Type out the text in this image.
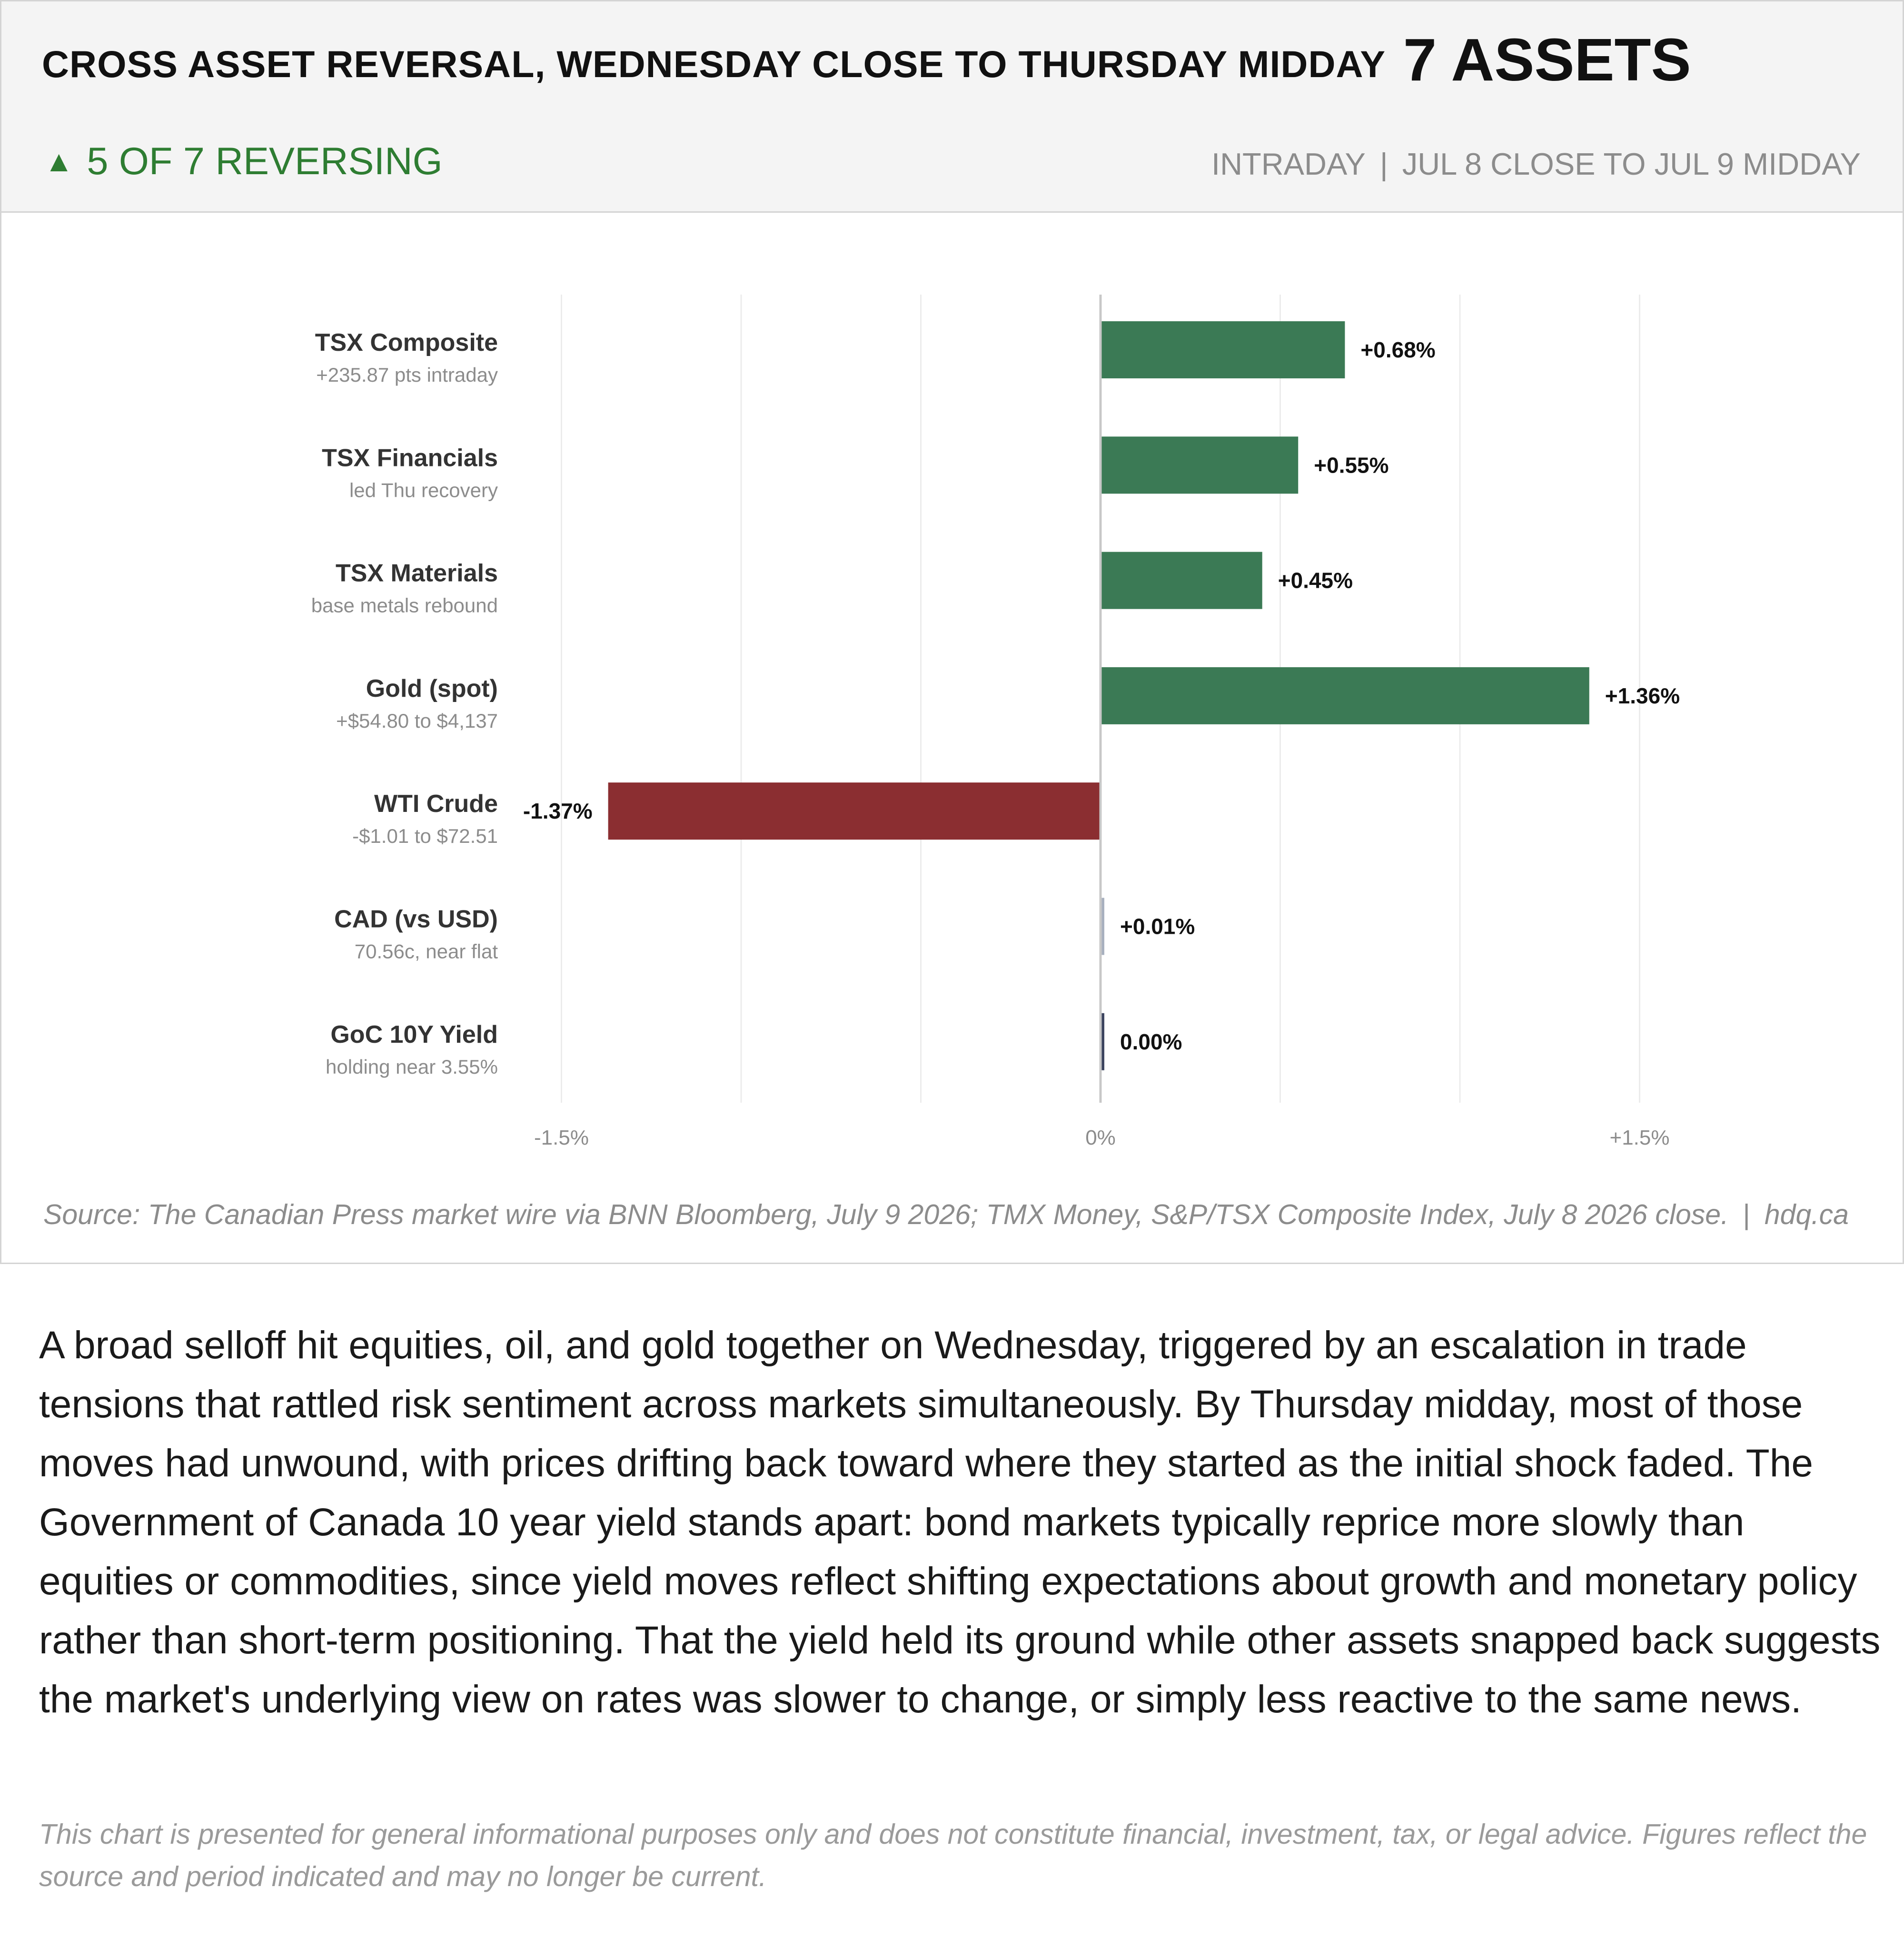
CROSS ASSET REVERSAL, WEDNESDAY CLOSE TO THURSDAY MIDDAY 7 ASSETS
▲ 5 OF 7 REVERSING	INTRADAY | JUL 8 CLOSE TO JUL 9 MIDDAY
-1.5%	0%	+1.5%
+0.68%
TSX Composite
+235.87 pts intraday
+0.55%
TSX Financials
led Thu recovery
+0.45%
TSX Materials
base metals rebound
+1.36%
Gold (spot)
+$54.80 to $4,137
-1.37%
WTI Crude
-$1.01 to $72.51
+0.01%
CAD (vs USD)
70.56c, near flat
0.00%
GoC 10Y Yield
holding near 3.55%
Source: The Canadian Press market wire via BNN Bloomberg, July 9 2026; TMX Money, S&P/TSX Composite Index, July 8 2026 close. | hdq.ca

A broad selloff hit equities, oil, and gold together on Wednesday, triggered by an escalation in trade tensions that rattled risk sentiment across markets simultaneously. By Thursday midday, most of those moves had unwound, with prices drifting back toward where they started as the initial shock faded. The Government of Canada 10 year yield stands apart: bond markets typically reprice more slowly than equities or commodities, since yield moves reflect shifting expectations about growth and monetary policy rather than short-term positioning. That the yield held its ground while other assets snapped back suggests the market's underlying view on rates was slower to change, or simply less reactive to the same news.

This chart is presented for general informational purposes only and does not constitute financial, investment, tax, or legal advice. Figures reflect the source and period indicated and may no longer be current.
